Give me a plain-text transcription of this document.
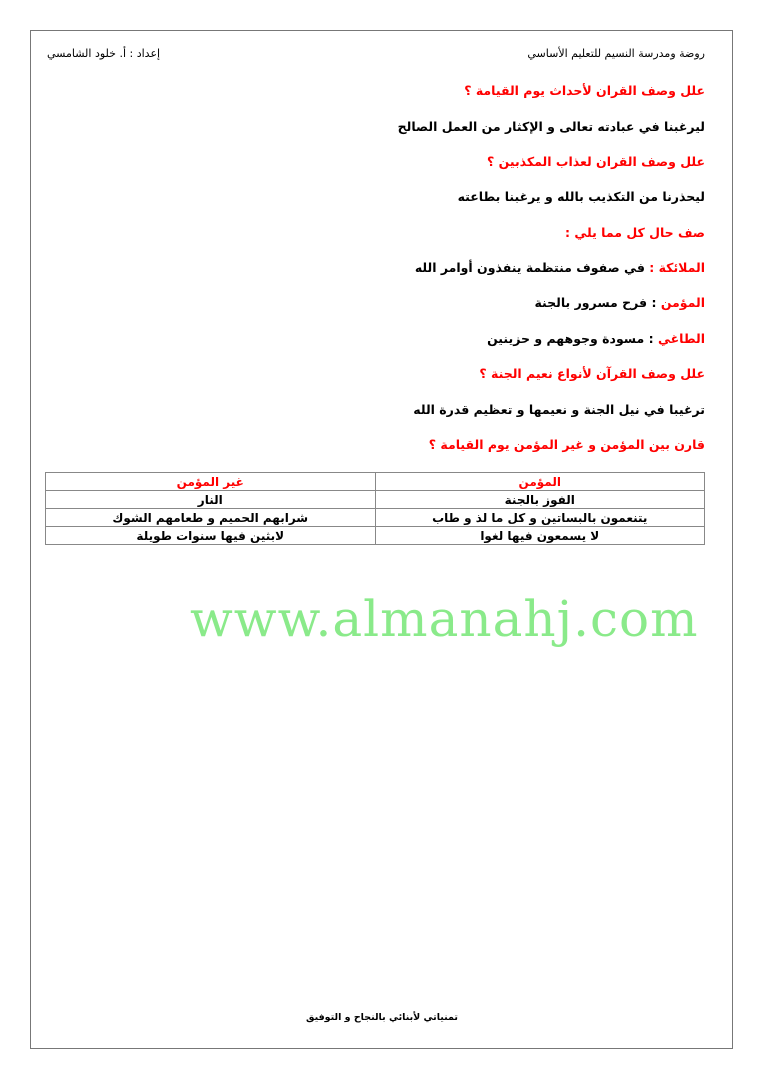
روضة ومدرسة النسيم للتعليم الأساسي
إعداد : أ. خلود الشامسي
علل وصف القران لأحداث يوم القيامة ؟
ليرغبنا في عبادته تعالى و الإكثار من العمل الصالح
علل وصف القران لعذاب المكذبين ؟
ليحذرنا من التكذيب بالله و يرغبنا بطاعته
صف حال كل مما يلي :
الملائكة : في صفوف منتظمة ينفذون أوامر الله
المؤمن : فرح مسرور بالجنة
الطاغي : مسودة وجوههم و حزينين
علل وصف القرآن لأنواع نعيم الجنة ؟
ترغيبا في نيل الجنة و نعيمها و تعظيم قدرة الله
قارن بين المؤمن و غير المؤمن يوم القيامة ؟
المؤمن	غير المؤمن
الفوز بالجنة	النار
يتنعمون بالبساتين و كل ما لذ و طاب	شرابهم الحميم و طعامهم الشوك
لا يسمعون فيها لغوا	لابثين فيها سنوات طويلة
www.almanahj.com
تمنياتي لأبنائي بالنجاح و التوفيق
